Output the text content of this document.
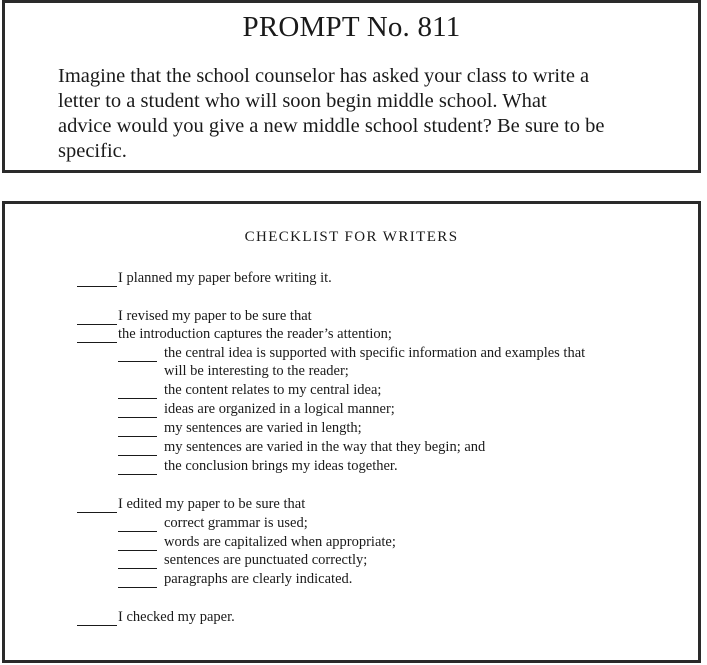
PROMPT No. 811
Imagine that the school counselor has asked your class to write a
letter to a student who will soon begin middle school. What
advice would you give a new middle school student? Be sure to be
specific.
CHECKLIST FOR WRITERS
I planned my paper before writing it.
I revised my paper to be sure that
the introduction captures the reader’s attention;
the central idea is supported with specific information and examples that
will be interesting to the reader;
the content relates to my central idea;
ideas are organized in a logical manner;
my sentences are varied in length;
my sentences are varied in the way that they begin; and
the conclusion brings my ideas together.
I edited my paper to be sure that
correct grammar is used;
words are capitalized when appropriate;
sentences are punctuated correctly;
paragraphs are clearly indicated.
I checked my paper.
